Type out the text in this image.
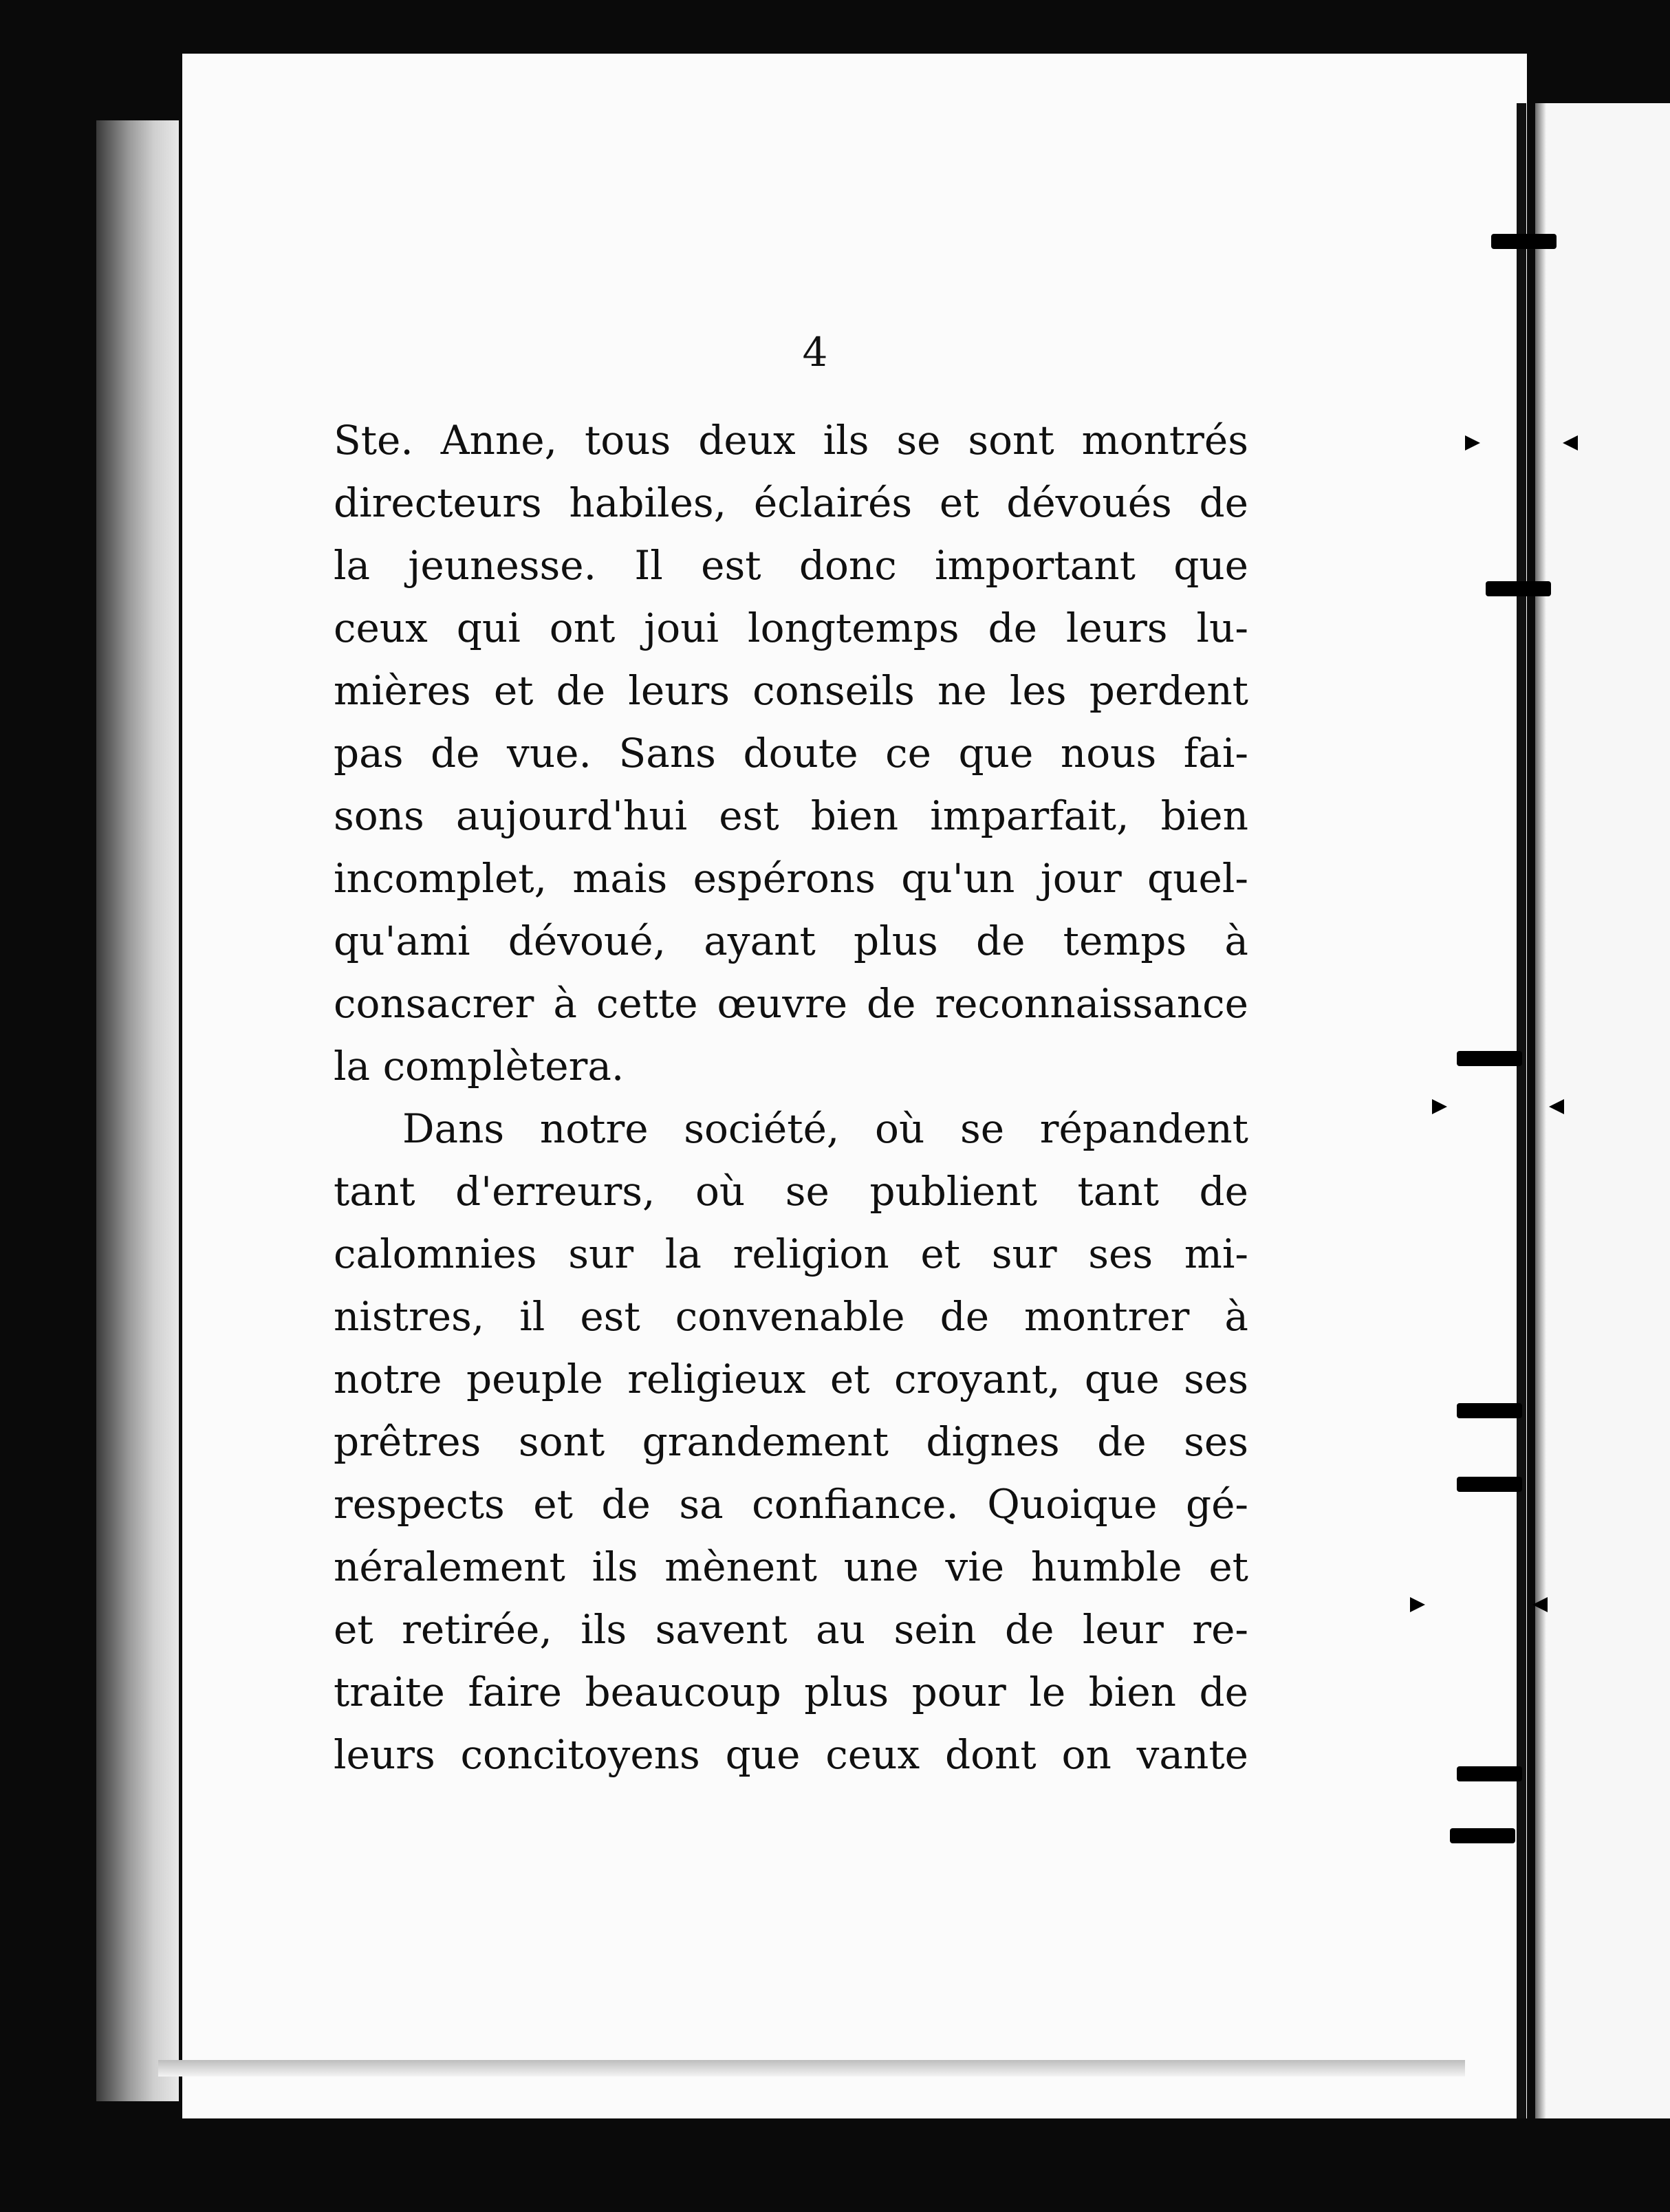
4
Ste. Anne, tous deux ils se sont montrés
directeurs habiles, éclairés et dévoués de
la jeunesse. Il est donc important que
ceux qui ont joui longtemps de leurs lu-
mières et de leurs conseils ne les perdent
pas de vue. Sans doute ce que nous fai-
sons aujourd'hui est bien imparfait, bien
incomplet, mais espérons qu'un jour quel-
qu'ami dévoué, ayant plus de temps à
consacrer à cette œuvre de reconnaissance
la complètera.
Dans notre société, où se répandent
tant d'erreurs, où se publient tant de
calomnies sur la religion et sur ses mi-
nistres, il est convenable de montrer à
notre peuple religieux et croyant, que ses
prêtres sont grandement dignes de ses
respects et de sa confiance. Quoique gé-
néralement ils mènent une vie humble et
et retirée, ils savent au sein de leur re-
traite faire beaucoup plus pour le bien de
leurs concitoyens que ceux dont on vante
